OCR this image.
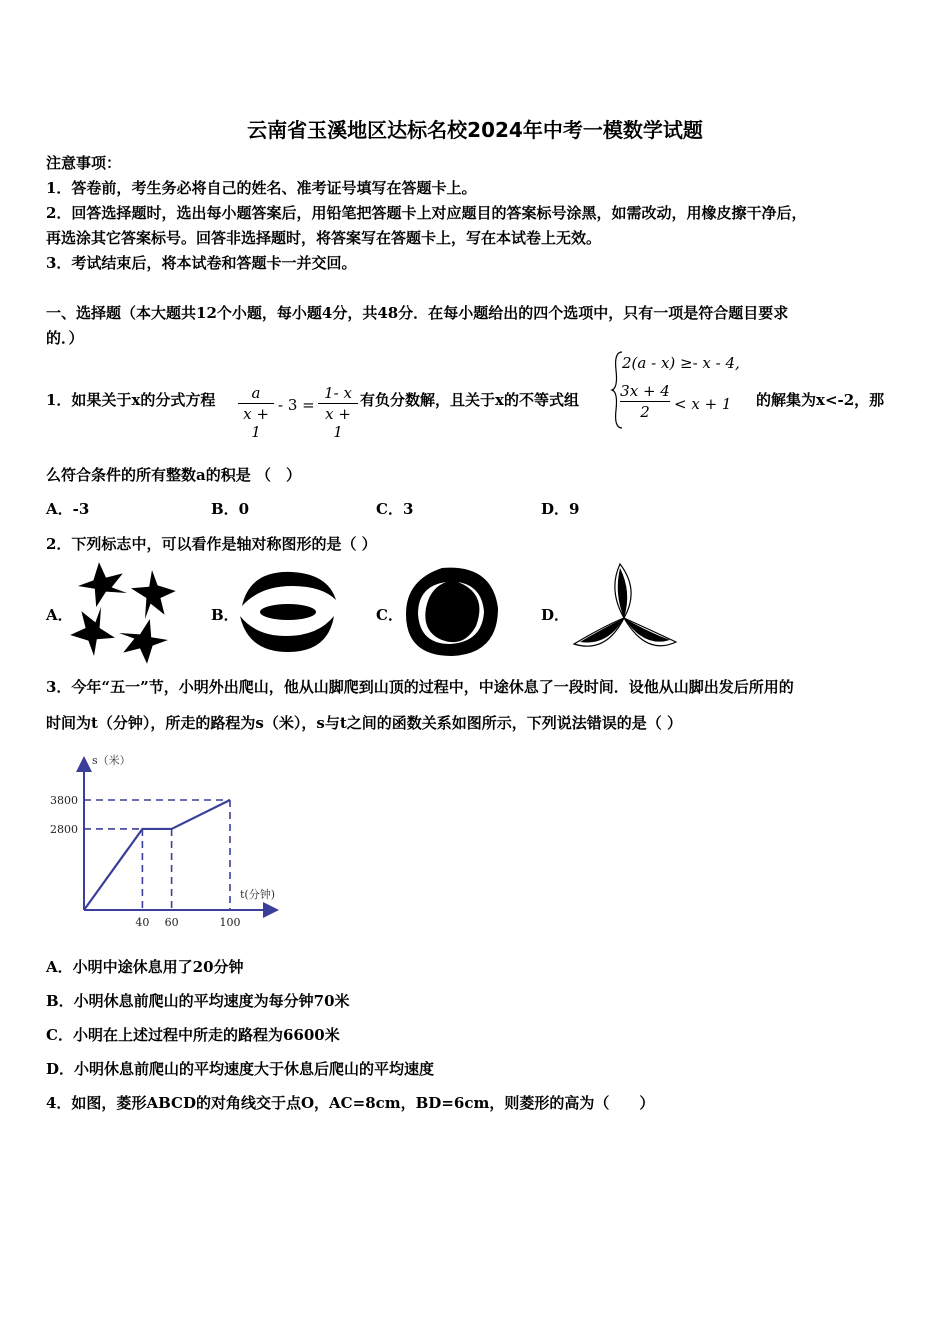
云南省玉溪地区达标名校2024年中考一模数学试题
注意事项：
1．答卷前，考生务必将自己的姓名、准考证号填写在答题卡上。
2．回答选择题时，选出每小题答案后，用铅笔把答题卡上对应题目的答案标号涂黑，如需改动，用橡皮擦干净后，
再选涂其它答案标号。回答非选择题时，将答案写在答题卡上，写在本试卷上无效。
3．考试结束后，将本试卷和答题卡一并交回。
一、选择题（本大题共12个小题，每小题4分，共48分．在每小题给出的四个选项中，只有一项是符合题目要求
的．）
1．如果关于x的分式方程	a
x + 1
- 3 =
1- x
x + 1
有负分数解，且关于x的不等式组
2(a - x) ≥- x - 4,
3x + 4
2	< x + 1 的解集为x<-2，那
么符合条件的所有整数a的积是 （　）
A．-3	B．0	C．3	D．9
2．下列标志中，可以看作是轴对称图形的是（ ）
A．	B．	C．	D．
3．今年“五一”节，小明外出爬山，他从山脚爬到山顶的过程中，中途休息了一段时间．设他从山脚出发后所用的
时间为t（分钟），所走的路程为s（米），s与t之间的函数关系如图所示，下列说法错误的是（ ）
s（米）
t(分钟)
40 60	100
2800
3800
A．小明中途休息用了20分钟
B．小明休息前爬山的平均速度为每分钟70米
C．小明在上述过程中所走的路程为6600米
D．小明休息前爬山的平均速度大于休息后爬山的平均速度
4．如图，菱形ABCD的对角线交于点O，AC=8cm，BD=6cm，则菱形的高为（　　）
